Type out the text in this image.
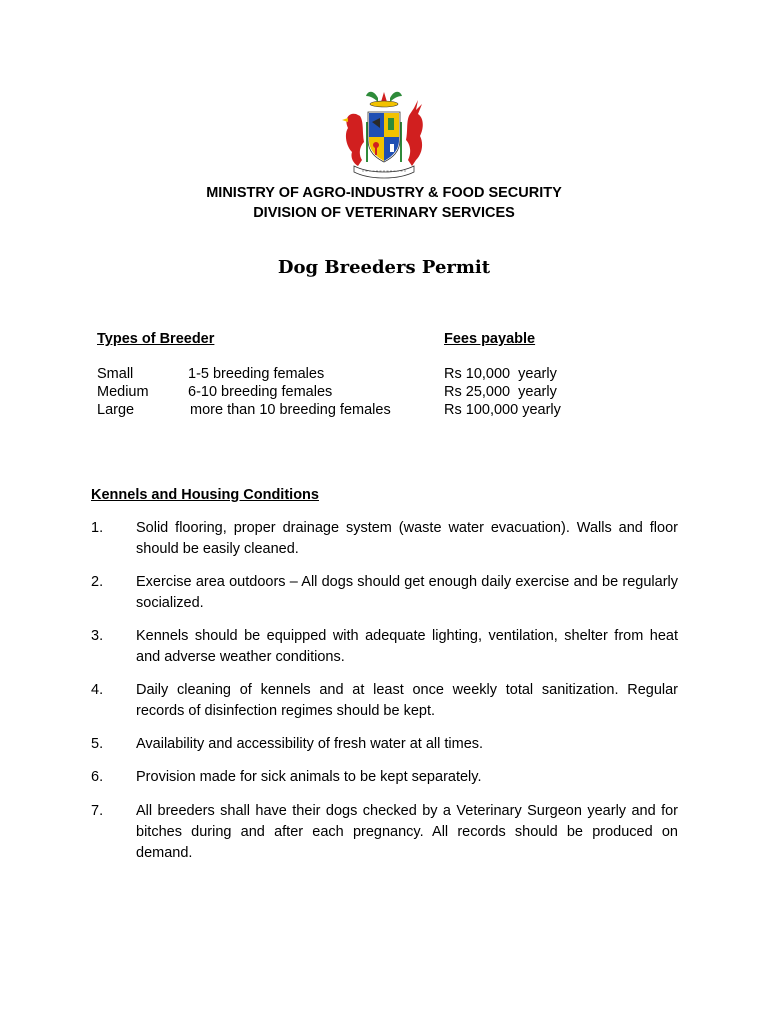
MINISTRY OF AGRO-INDUSTRY & FOOD SECURITY
DIVISION OF VETERINARY SERVICES
Dog Breeders Permit
Types of Breeder	Fees payable
Small	1-5 breeding females	Rs 10,000  yearly
Medium	6-10 breeding females	Rs 25,000  yearly
Large	more than 10 breeding females	Rs 100,000 yearly
Kennels and Housing Conditions
1. Solid flooring, proper drainage system (waste water evacuation). Walls and floor should be easily cleaned.
2. Exercise area outdoors – All dogs should get enough daily exercise and be regularly socialized.
3. Kennels should be equipped with adequate lighting, ventilation, shelter from heat and adverse weather conditions.
4. Daily cleaning of kennels and at least once weekly total sanitization. Regular records of disinfection regimes should be kept.
5. Availability and accessibility of fresh water at all times.
6. Provision made for sick animals to be kept separately.
7. All breeders shall have their dogs checked by a Veterinary Surgeon yearly and for bitches during and after each pregnancy. All records should be produced on demand.
